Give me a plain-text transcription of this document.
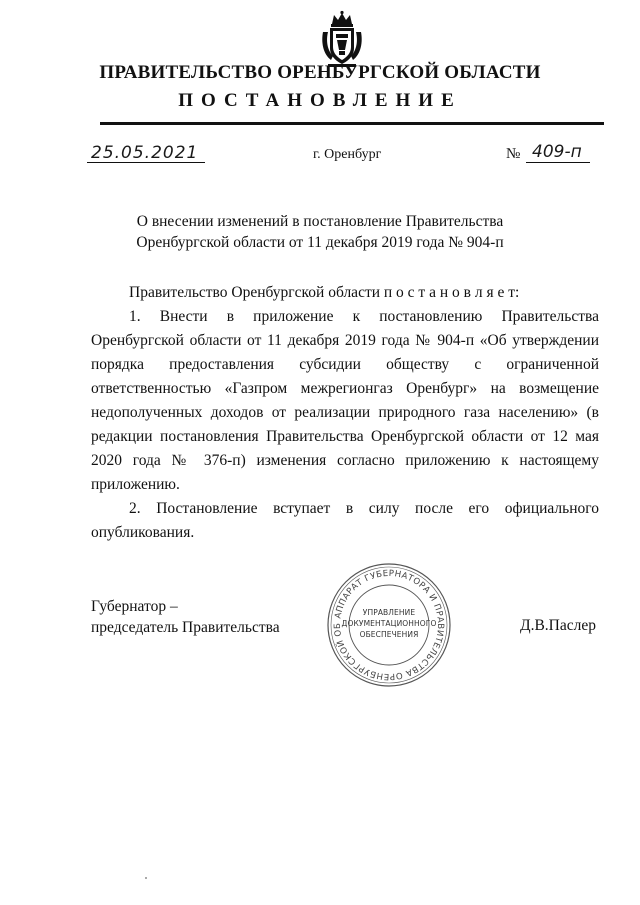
ПРАВИТЕЛЬСТВО ОРЕНБУРГСКОЙ ОБЛАСТИ
ПОСТАНОВЛЕНИЕ
25.05.2021	г. Оренбург	№ 409-п
О внесении изменений в постановление Правительства
Оренбургской области от 11 декабря 2019 года № 904-п

Правительство Оренбургской области п о с т а н о в л я е т:

1. Внести в приложение к постановлению Правительства Оренбургской области от 11 декабря 2019 года № 904-п «Об утверждении порядка предоставления субсидии обществу с ограниченной ответственностью «Газпром межрегионгаз Оренбург» на возмещение недополученных доходов от реализации природного газа населению» (в редакции постановления Правительства Оренбургской области от 12 мая 2020 года № 376-п) изменения согласно приложению к настоящему приложению.

2. Постановление вступает в силу после его официального опубликования.

Губернатор –
председатель Правительства
АППАРАТ ГУБЕРНАТОРА И ПРАВИТЕЛЬСТВА ОРЕНБУРГСКОЙ ОБ
УПРАВЛЕНИЕ
ДОКУМЕНТАЦИОННОГО
ОБЕСПЕЧЕНИЯ
Д.В.Паслер
